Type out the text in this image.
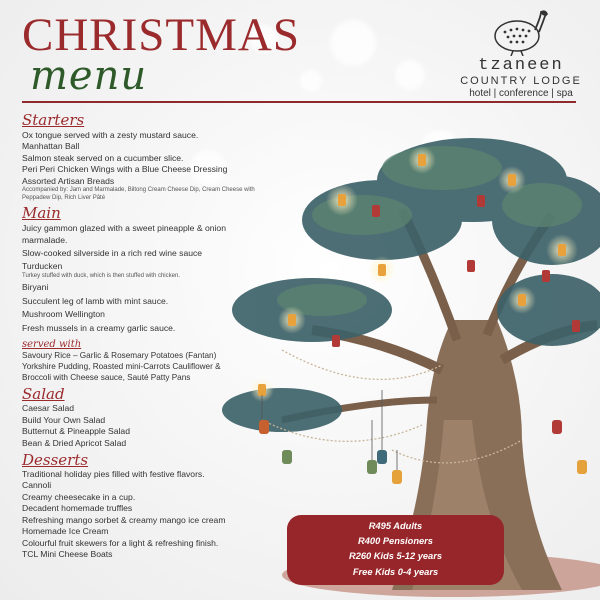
CHRISTMAS
menu	tzaneen
COUNTRY LODGE
hotel | conference | spa
Starters
Ox tongue served with a zesty mustard sauce.
Manhattan Ball
Salmon steak served on a cucumber slice.
Peri Peri Chicken Wings with a Blue Cheese Dressing
Assorted Artisan Breads
Accompanied by: Jam and Marmalade, Biltong Cream Cheese Dip, Cream Cheese with Peppadew Dip, Rich Liver Pâté
Main
Juicy gammon glazed with a sweet pineapple & onion marmalade.
Slow-cooked silverside in a rich red wine sauce
Turducken
Turkey stuffed with duck, which is then stuffed with chicken.
Biryani
Succulent leg of lamb with mint sauce.
Mushroom Wellington
Fresh mussels in a creamy garlic sauce.
served with
Savoury Rice – Garlic & Rosemary Potatoes (Fantan) Yorkshire Pudding, Roasted mini-Carrots Cauliflower & Broccoli with Cheese sauce, Sauté Patty Pans
Salad
Caesar Salad
Build Your Own Salad
Butternut & Pineapple Salad
Bean & Dried Apricot Salad
Desserts
Traditional holiday pies filled with festive flavors.
Cannoli
Creamy cheesecake in a cup.
Decadent homemade truffles
Refreshing mango sorbet & creamy mango ice cream
Homemade Ice Cream
Colourful fruit skewers for a light & refreshing finish.
TCL Mini Cheese Boats
R495 Adults
R400 Pensioners
R260 Kids 5-12 years
Free Kids 0-4 years
